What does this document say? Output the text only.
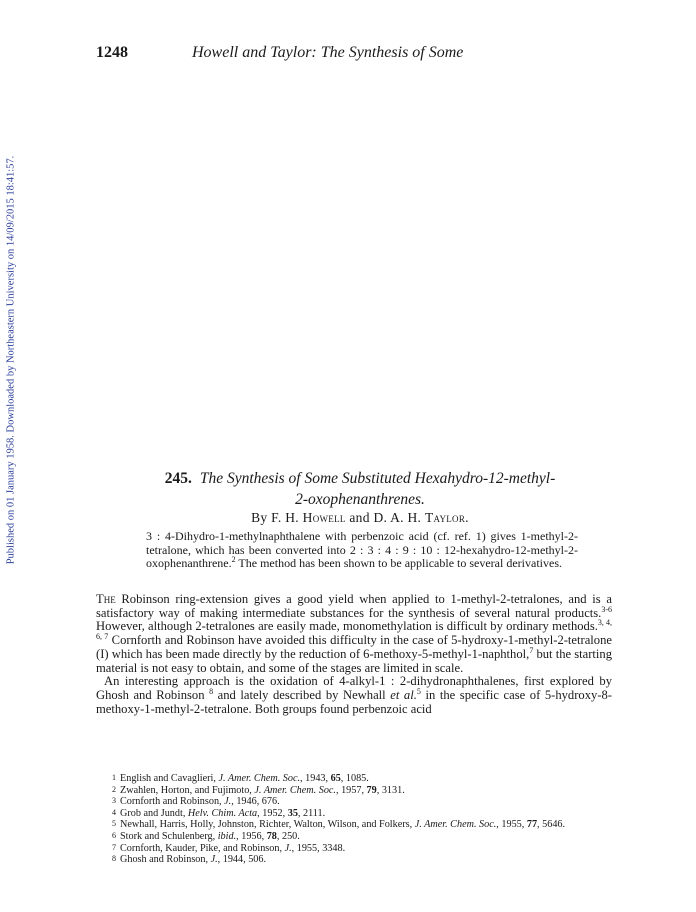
Published on 01 January 1958. Downloaded by Northeastern University on 14/09/2015 18:41:57.
1248	Howell and Taylor: The Synthesis of Some
245. The Synthesis of Some Substituted Hexahydro-12-methyl-
2-oxophenanthrenes.
By F. H. Howell and D. A. H. Taylor.
3 : 4-Dihydro-1-methylnaphthalene with perbenzoic acid (cf. ref. 1) gives 1-methyl-2-tetralone, which has been converted into 2 : 3 : 4 : 9 : 10 : 12-hexahydro-12-methyl-2-oxophenanthrene.$^2$ The method has been shown to be applicable to several derivatives.

The Robinson ring-extension gives a good yield when applied to 1-methyl-2-tetralones, and is a satisfactory way of making intermediate substances for the synthesis of several natural products.$^{3-6}$ However, although 2-tetralones are easily made, monomethylation is difficult by ordinary methods.$^{3, 4, 6, 7}$ Cornforth and Robinson have avoided this difficulty in the case of 5-hydroxy-1-methyl-2-tetralone (I) which has been made directly by the reduction of 6-methoxy-5-methyl-1-naphthol,$^7$ but the starting material is not easy to obtain, and some of the stages are limited in scale.

An interesting approach is the oxidation of 4-alkyl-1 : 2-dihydronaphthalenes, first explored by Ghosh and Robinson $^8$ and lately described by Newhall et al.$^5$ in the specific case of 5-hydroxy-8-methoxy-1-methyl-2-tetralone. Both groups found perbenzoic acid

1 English and Cavaglieri, J. Amer. Chem. Soc., 1943, 65, 1085.
2 Zwahlen, Horton, and Fujimoto, J. Amer. Chem. Soc., 1957, 79, 3131.
3 Cornforth and Robinson, J., 1946, 676.
4 Grob and Jundt, Helv. Chim. Acta, 1952, 35, 2111.
5 Newhall, Harris, Holly, Johnston, Richter, Walton, Wilson, and Folkers, J. Amer. Chem. Soc., 1955, 77, 5646.
6 Stork and Schulenberg, ibid., 1956, 78, 250.
7 Cornforth, Kauder, Pike, and Robinson, J., 1955, 3348.
8 Ghosh and Robinson, J., 1944, 506.
